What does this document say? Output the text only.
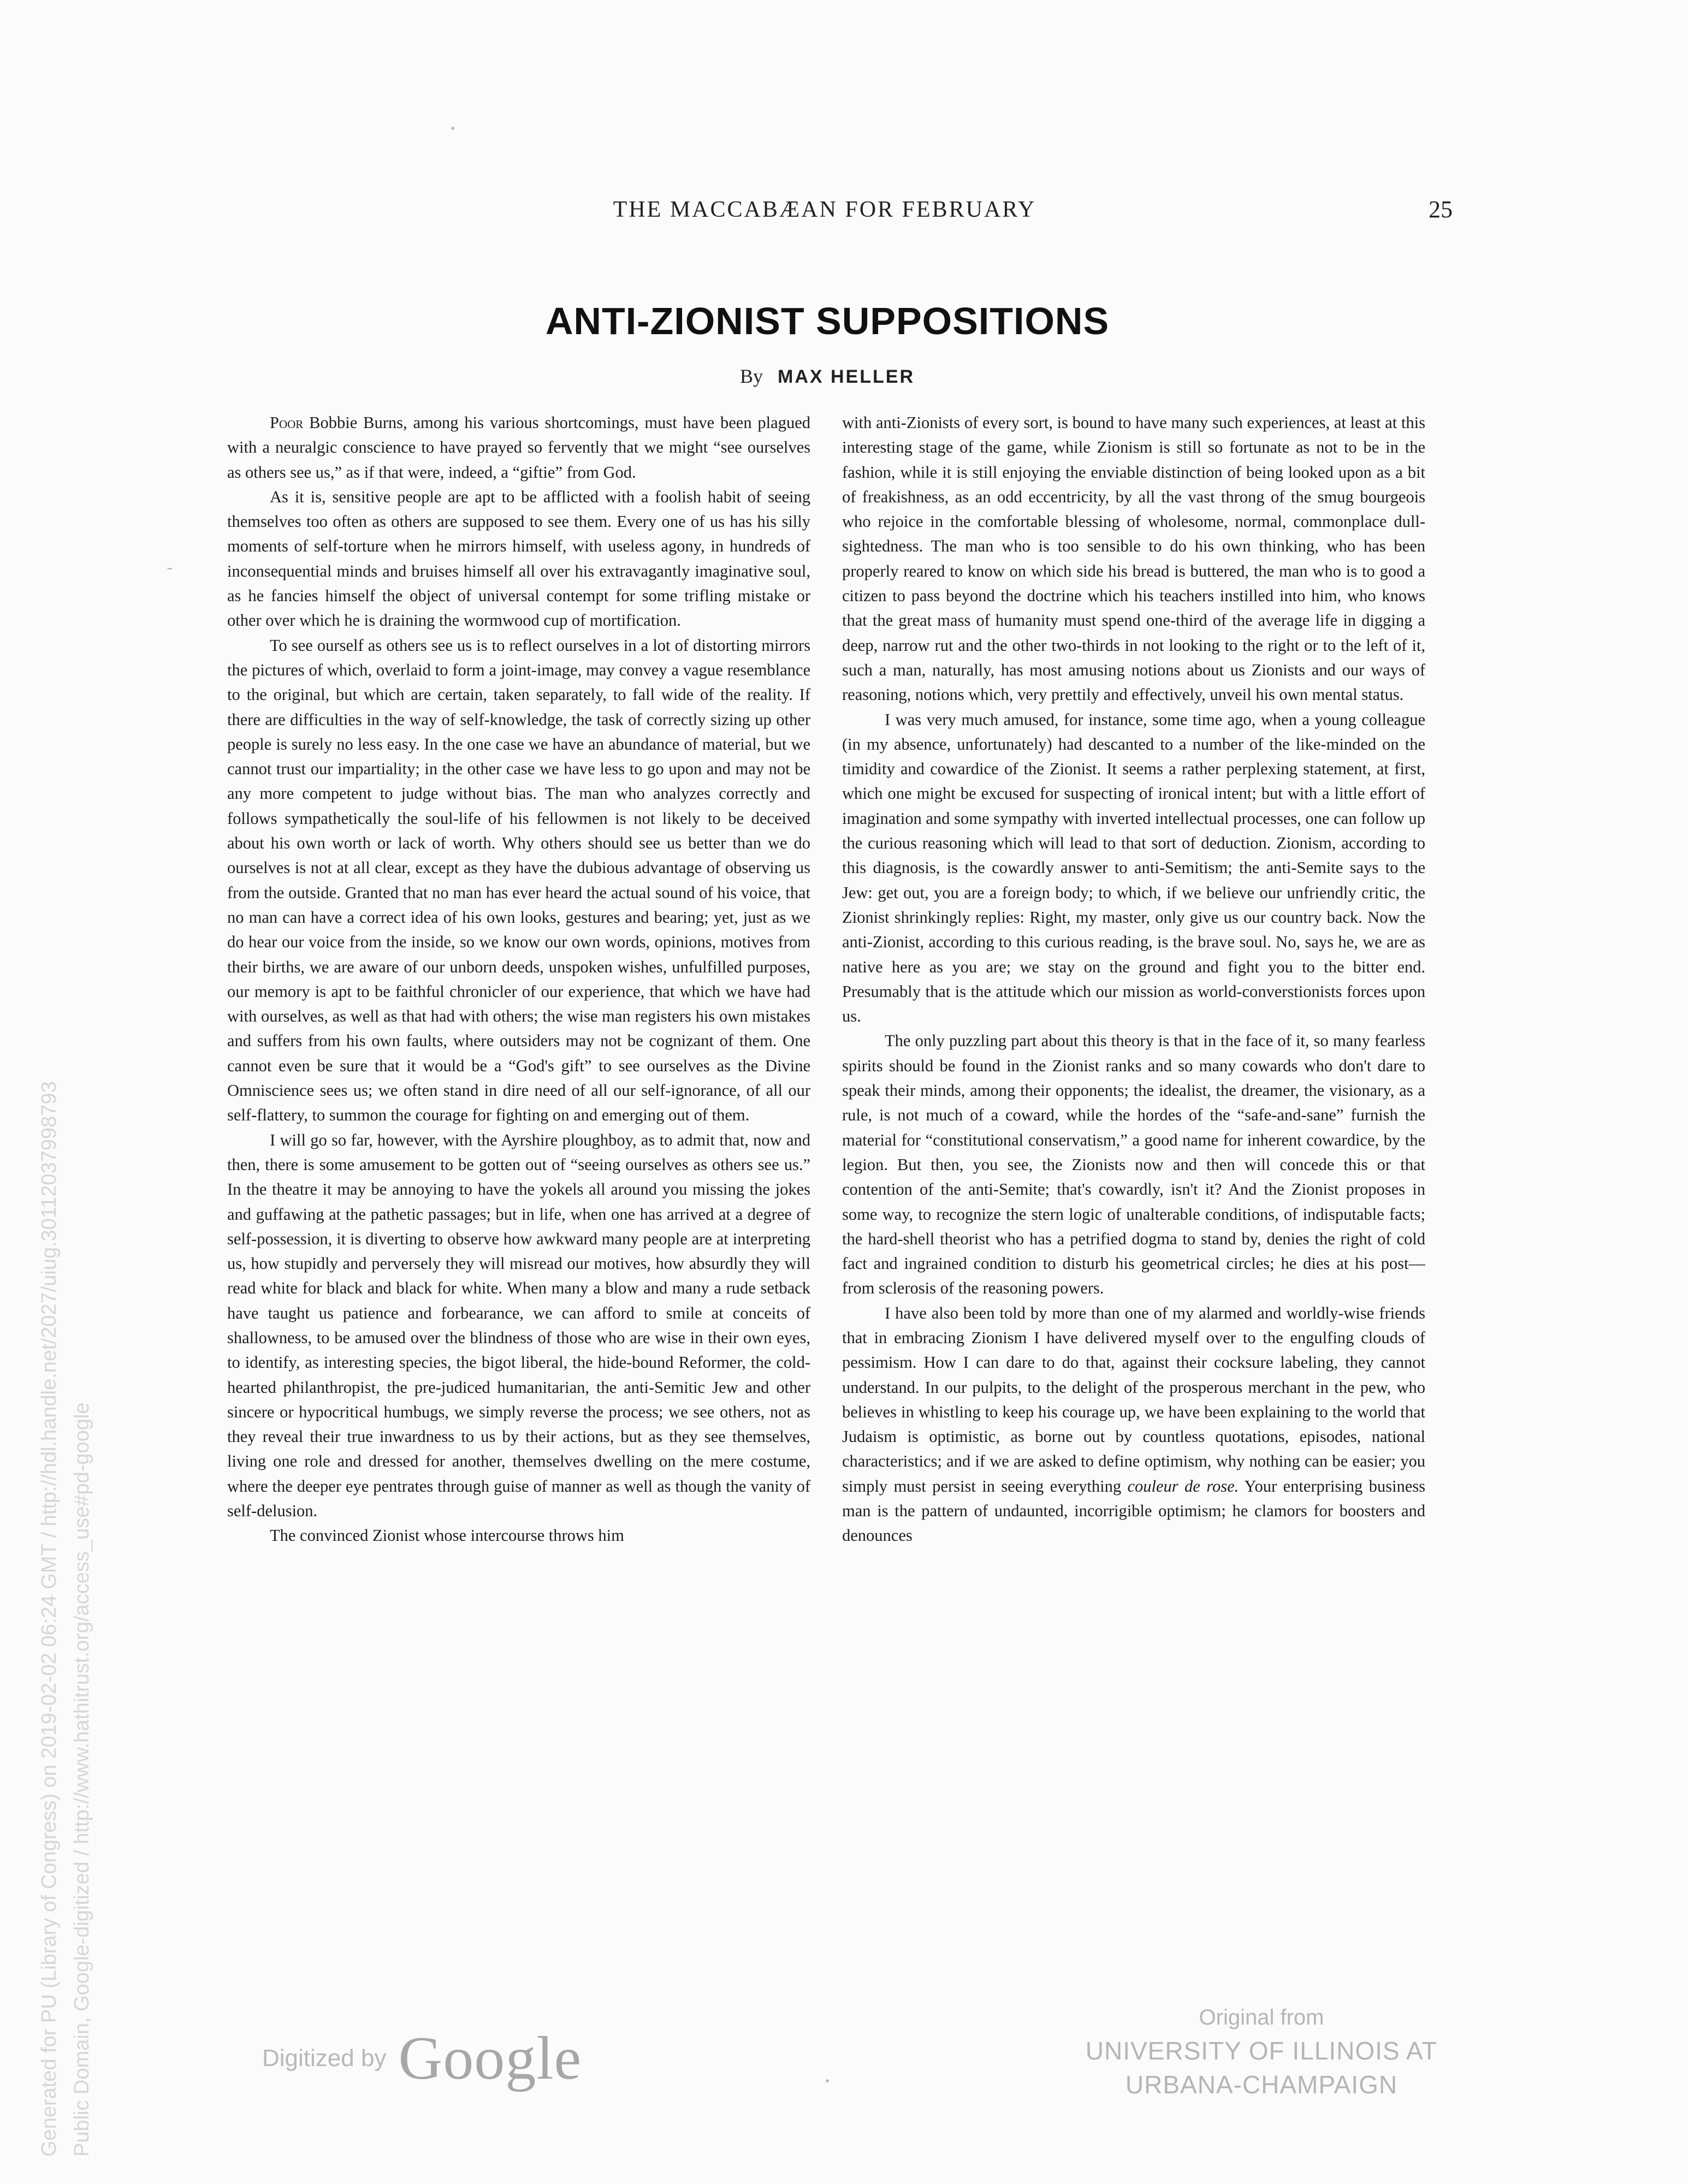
THE MACCABÆAN FOR FEBRUARY	25
ANTI-ZIONIST SUPPOSITIONS
By MAX HELLER

Poor Bobbie Burns, among his various shortcomings, must have been plagued with a neuralgic conscience to have prayed so fervently that we might “see ourselves as others see us,” as if that were, indeed, a “giftie” from God.

As it is, sensitive people are apt to be afflicted with a foolish habit of seeing themselves too often as others are supposed to see them. Every one of us has his silly moments of self-torture when he mirrors himself, with useless agony, in hundreds of inconsequential minds and bruises himself all over his extravagantly imaginative soul, as he fancies himself the object of universal contempt for some trifling mistake or other over which he is draining the wormwood cup of mortification.

To see ourself as others see us is to reflect ourselves in a lot of distorting mirrors the pictures of which, overlaid to form a joint-image, may convey a vague resemblance to the original, but which are certain, taken separately, to fall wide of the reality. If there are difficulties in the way of self-knowledge, the task of correctly sizing up other people is surely no less easy. In the one case we have an abundance of material, but we cannot trust our impartiality; in the other case we have less to go upon and may not be any more competent to judge without bias. The man who analyzes correctly and follows sympathetically the soul-life of his fellowmen is not likely to be deceived about his own worth or lack of worth. Why others should see us better than we do ourselves is not at all clear, except as they have the dubious advantage of observing us from the outside. Granted that no man has ever heard the actual sound of his voice, that no man can have a correct idea of his own looks, gestures and bearing; yet, just as we do hear our voice from the inside, so we know our own words, opinions, motives from their births, we are aware of our unborn deeds, unspoken wishes, unfulfilled purposes, our memory is apt to be faithful chronicler of our experience, that which we have had with ourselves, as well as that had with others; the wise man registers his own mistakes and suffers from his own faults, where outsiders may not be cognizant of them. One cannot even be sure that it would be a “God's gift” to see ourselves as the Divine Omniscience sees us; we often stand in dire need of all our self-ignorance, of all our self-flattery, to summon the courage for fighting on and emerging out of them.

I will go so far, however, with the Ayrshire ploughboy, as to admit that, now and then, there is some amusement to be gotten out of “seeing ourselves as others see us.” In the theatre it may be annoying to have the yokels all around you missing the jokes and guffawing at the pathetic passages; but in life, when one has arrived at a degree of self-possession, it is diverting to observe how awkward many people are at interpreting us, how stupidly and perversely they will misread our motives, how absurdly they will read white for black and black for white. When many a blow and many a rude setback have taught us patience and forbearance, we can afford to smile at conceits of shallowness, to be amused over the blindness of those who are wise in their own eyes, to identify, as interesting species, the bigot liberal, the hide-bound Reformer, the cold-hearted philanthropist, the pre-judiced humanitarian, the anti-Semitic Jew and other sincere or hypocritical humbugs, we simply reverse the process; we see others, not as they reveal their true inwardness to us by their actions, but as they see themselves, living one role and dressed for another, themselves dwelling on the mere costume, where the deeper eye pentrates through guise of manner as well as though the vanity of self-delusion.

The convinced Zionist whose intercourse throws him

with anti-Zionists of every sort, is bound to have many such experiences, at least at this interesting stage of the game, while Zionism is still so fortunate as not to be in the fashion, while it is still enjoying the enviable distinction of being looked upon as a bit of freakishness, as an odd eccentricity, by all the vast throng of the smug bourgeois who rejoice in the comfortable blessing of wholesome, normal, commonplace dull-sightedness. The man who is too sensible to do his own thinking, who has been properly reared to know on which side his bread is buttered, the man who is to good a citizen to pass beyond the doctrine which his teachers instilled into him, who knows that the great mass of humanity must spend one-third of the average life in digging a deep, narrow rut and the other two-thirds in not looking to the right or to the left of it, such a man, naturally, has most amusing notions about us Zionists and our ways of reasoning, notions which, very prettily and effectively, unveil his own mental status.

I was very much amused, for instance, some time ago, when a young colleague (in my absence, unfortunately) had descanted to a number of the like-minded on the timidity and cowardice of the Zionist. It seems a rather perplexing statement, at first, which one might be excused for suspecting of ironical intent; but with a little effort of imagination and some sympathy with inverted intellectual processes, one can follow up the curious reasoning which will lead to that sort of deduction. Zionism, according to this diagnosis, is the cowardly answer to anti-Semitism; the anti-Semite says to the Jew: get out, you are a foreign body; to which, if we believe our unfriendly critic, the Zionist shrinkingly replies: Right, my master, only give us our country back. Now the anti-Zionist, according to this curious reading, is the brave soul. No, says he, we are as native here as you are; we stay on the ground and fight you to the bitter end. Presumably that is the attitude which our mission as world-converstionists forces upon us.

The only puzzling part about this theory is that in the face of it, so many fearless spirits should be found in the Zionist ranks and so many cowards who don't dare to speak their minds, among their opponents; the idealist, the dreamer, the visionary, as a rule, is not much of a coward, while the hordes of the “safe-and-sane” furnish the material for “constitutional conservatism,” a good name for inherent cowardice, by the legion. But then, you see, the Zionists now and then will concede this or that contention of the anti-Semite; that's cowardly, isn't it? And the Zionist proposes in some way, to recognize the stern logic of unalterable conditions, of indisputable facts; the hard-shell theorist who has a petrified dogma to stand by, denies the right of cold fact and ingrained condition to disturb his geometrical circles; he dies at his post—from sclerosis of the reasoning powers.

I have also been told by more than one of my alarmed and worldly-wise friends that in embracing Zionism I have delivered myself over to the engulfing clouds of pessimism. How I can dare to do that, against their cocksure labeling, they cannot understand. In our pulpits, to the delight of the prosperous merchant in the pew, who believes in whistling to keep his courage up, we have been explaining to the world that Judaism is optimistic, as borne out by countless quotations, episodes, national characteristics; and if we are asked to define optimism, why nothing can be easier; you simply must persist in seeing everything couleur de rose. Your enterprising business man is the pattern of undaunted, incorrigible optimism; he clamors for boosters and denounces

Generated for PU (Library of Congress) on 2019-02-02 06:24 GMT / http://hdl.handle.net/2027/uiug.30112037998793 Public Domain, Google-digitized / http://www.hathitrust.org/access_use#pd-google	Digitized by Google
Original from
UNIVERSITY OF ILLINOIS AT
URBANA-CHAMPAIGN
